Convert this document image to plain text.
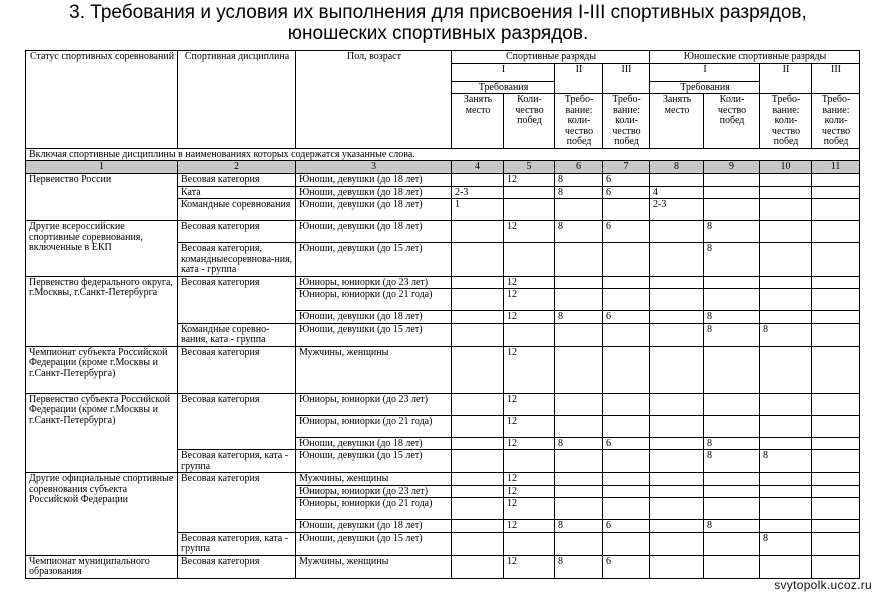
3. Требования и условия их выполнения для присвоения I-III спортивных разрядов,
юношеских спортивных разрядов.
Статус спортивных соревнований	Спортивная дисциплина	Пол, возраст	Спортивные разряды				Юношеские спортивные разряды			
			I		II	III	I		II	III
			Требования				Требования			
			Занять место	Коли-чество побед	Требо-вание: коли-чество побед	Требо-вание: коли-чество побед	Занять место	Коли-чество побед	Требо-вание: коли-чество побед	Требо-вание: коли-чество побед
Включая спортивные дисциплины в наименованиях которых содержатся указанные слова.										
1	2	3	4	5	6	7	8	9	10	11
Первенство России	Весовая категория	Юноши, девушки (до 18 лет)		12	8	6				
	Ката	Юноши, девушки (до 18 лет)	2-3		8	6	4			
	Командные соревнования	Юноши, девушки (до 18 лет)	1				2-3			
Другие всероссийские спортивные соревнования, включенные в ЕКП	Весовая категория	Юноши, девушки (до 18 лет)		12	8	6		8		
	Весовая категория, командныесоревнова-ния, ката - группа	Юноши, девушки (до 15 лет)						8		
Первенство федерального округа, г.Москвы, г.Санкт-Петербурга	Весовая категория	Юниоры, юниорки (до 23 лет)		12						
		Юниоры, юниорки (до 21 года)		12						
		Юноши, девушки (до 18 лет)		12	8	6		8		
	Командные соревно-вания, ката - группа	Юноши, девушки (до 15 лет)						8	8	
Чемпионат субъекта Российской Федерации (кроме г.Москвы и г.Санкт-Петербурга)	Весовая категория	Мужчины, женщины		12						
Первенство субъекта Российской Федерации (кроме г.Москвы и г.Санкт-Петербурга)	Весовая категория	Юниоры, юниорки (до 23 лет)		12						
		Юниоры, юниорки (до 21 года)		12						
		Юноши, девушки (до 18 лет)		12	8	6		8		
	Весовая категория, ката - группа	Юноши, девушки (до 15 лет)						8	8	
Другие официальные спортивные соревнования субъекта Российской Федерации	Весовая категория	Мужчины, женщины		12						
		Юниоры, юниорки (до 23 лет)		12						
		Юниоры, юниорки (до 21 года)		12						
		Юноши, девушки (до 18 лет)		12	8	6		8		
	Весовая категория, ката - группа	Юноши, девушки (до 15 лет)							8	
Чемпионат муниципального образования	Весовая категория	Мужчины, женщины		12	8	6				
svytopolk.ucoz.ru
